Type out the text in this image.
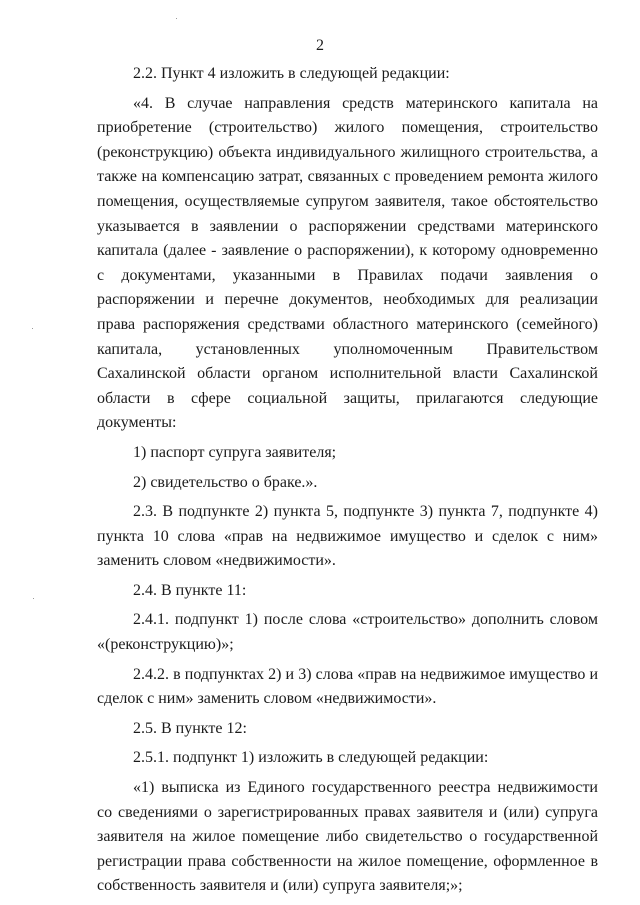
2

2.2. Пункт 4 изложить в следующей редакции:

«4. В случае направления средств материнского капитала на приобретение (строительство) жилого помещения, строительство (реконструкцию) объекта индивидуального жилищного строительства, а также на компенсацию затрат, связанных с проведением ремонта жилого помещения, осуществляемые супругом заявителя, такое обстоятельство указывается в заявлении о распоряжении средствами материнского капитала (далее - заявление о распоряжении), к которому одновременно с документами, указанными в Правилах подачи заявления о распоряжении и перечне документов, необходимых для реализации права распоряжения средствами областного материнского (семейного) капитала, установленных уполномоченным Правительством Сахалинской области органом исполнительной власти Сахалинской области в сфере социальной защиты, прилагаются следующие документы:

1) паспорт супруга заявителя;

2) свидетельство о браке.».

2.3. В подпункте 2) пункта 5, подпункте 3) пункта 7, подпункте 4) пункта 10 слова «прав на недвижимое имущество и сделок с ним» заменить словом «недвижимости».

2.4. В пункте 11:

2.4.1. подпункт 1) после слова «строительство» дополнить словом «(реконструкцию)»;

2.4.2. в подпунктах 2) и 3) слова «прав на недвижимое имущество и сделок с ним» заменить словом «недвижимости».

2.5. В пункте 12:

2.5.1. подпункт 1) изложить в следующей редакции:

«1) выписка из Единого государственного реестра недвижимости со сведениями о зарегистрированных правах заявителя и (или) супруга заявителя на жилое помещение либо свидетельство о государственной регистрации права собственности на жилое помещение, оформленное в собственность заявителя и (или) супруга заявителя;»;
